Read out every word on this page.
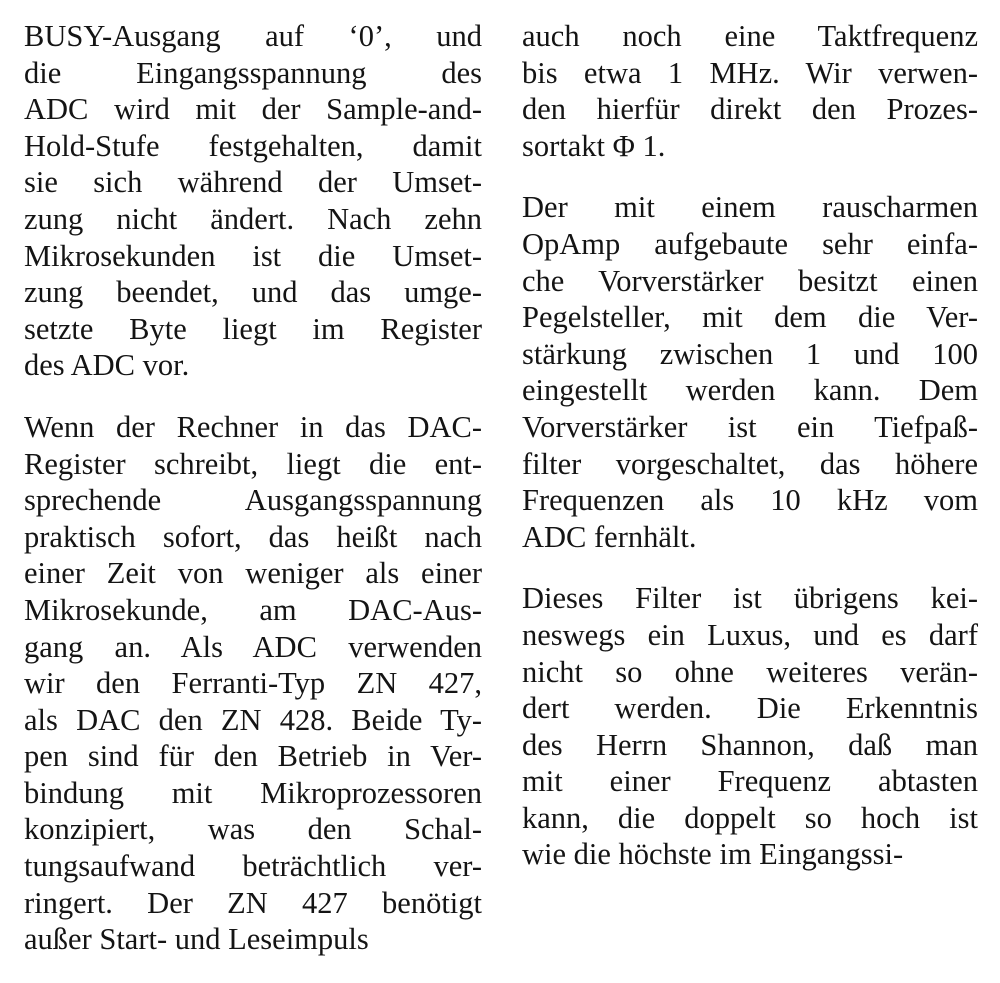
BUSY-Ausgang auf ‘0’, und
die Eingangsspannung des
ADC wird mit der Sample-and-
Hold-Stufe festgehalten, damit
sie sich während der Umset-
zung nicht ändert. Nach zehn
Mikrosekunden ist die Umset-
zung beendet, und das umge-
setzte Byte liegt im Register
des ADC vor.
Wenn der Rechner in das DAC-
Register schreibt, liegt die ent-
sprechende Ausgangsspannung
praktisch sofort, das heißt nach
einer Zeit von weniger als einer
Mikrosekunde, am DAC-Aus-
gang an. Als ADC verwenden
wir den Ferranti-Typ ZN 427,
als DAC den ZN 428. Beide Ty-
pen sind für den Betrieb in Ver-
bindung mit Mikroprozessoren
konzipiert, was den Schal-
tungsaufwand beträchtlich ver-
ringert. Der ZN 427 benötigt
außer Start- und Leseimpuls
auch noch eine Taktfrequenz
bis etwa 1 MHz. Wir verwen-
den hierfür direkt den Prozes-
sortakt Φ 1.
Der mit einem rauscharmen
OpAmp aufgebaute sehr einfa-
che Vorverstärker besitzt einen
Pegelsteller, mit dem die Ver-
stärkung zwischen 1 und 100
eingestellt werden kann. Dem
Vorverstärker ist ein Tiefpaß-
filter vorgeschaltet, das höhere
Frequenzen als 10 kHz vom
ADC fernhält.
Dieses Filter ist übrigens kei-
neswegs ein Luxus, und es darf
nicht so ohne weiteres verän-
dert werden. Die Erkenntnis
des Herrn Shannon, daß man
mit einer Frequenz abtasten
kann, die doppelt so hoch ist
wie die höchste im Eingangssi-
